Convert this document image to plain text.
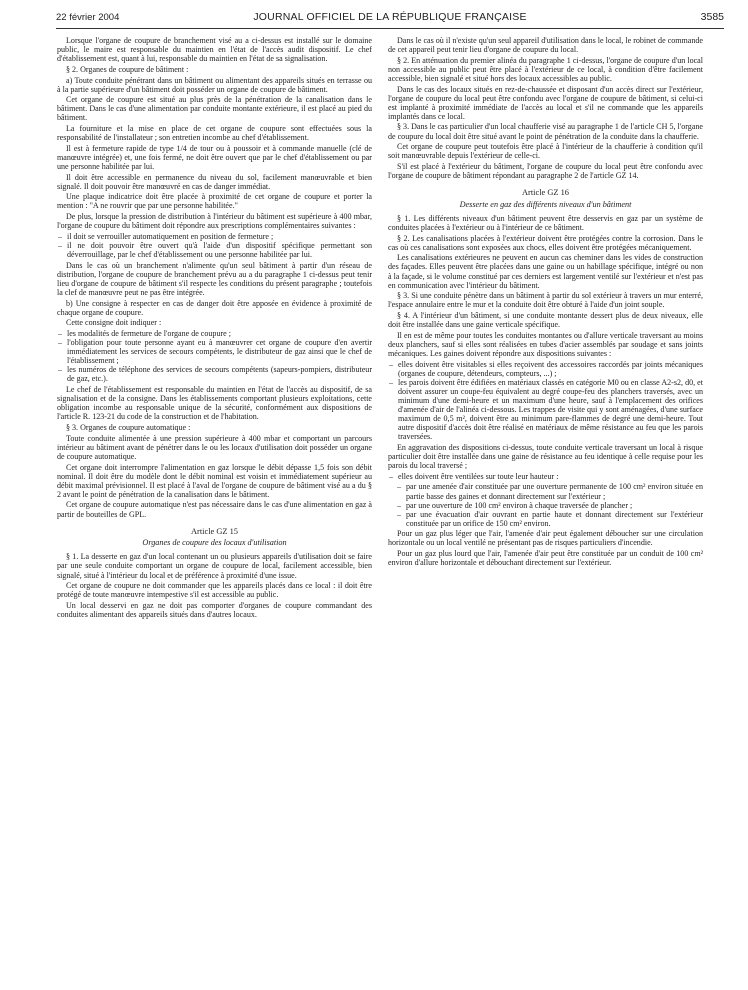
22 février 2004	JOURNAL OFFICIEL DE LA RÉPUBLIQUE FRANÇAISE	3585

Lorsque l'organe de coupure de branchement visé au a ci-dessus est installé sur le domaine public, le maire est responsable du maintien en l'état de l'accès audit dispositif. Le chef d'établissement est, quant à lui, responsable du maintien en l'état de sa signalisation.

§ 2. Organes de coupure de bâtiment :

a) Toute conduite pénétrant dans un bâtiment ou alimentant des appareils situés en terrasse ou à la partie supérieure d'un bâtiment doit posséder un organe de coupure de bâtiment.

Cet organe de coupure est situé au plus près de la pénétration de la canalisation dans le bâtiment. Dans le cas d'une alimentation par conduite montante extérieure, il est placé au pied du bâtiment.

La fourniture et la mise en place de cet organe de coupure sont effectuées sous la responsabilité de l'installateur ; son entretien incombe au chef d'établissement.

Il est à fermeture rapide de type 1/4 de tour ou à poussoir et à commande manuelle (clé de manœuvre intégrée) et, une fois fermé, ne doit être ouvert que par le chef d'établissement ou par une personne habilitée par lui.

Il doit être accessible en permanence du niveau du sol, facilement manœuvrable et bien signalé. Il doit pouvoir être manœuvré en cas de danger immédiat.

Une plaque indicatrice doit être placée à proximité de cet organe de coupure et porter la mention : "A ne rouvrir que par une personne habilitée."

De plus, lorsque la pression de distribution à l'intérieur du bâtiment est supérieure à 400 mbar, l'organe de coupure du bâtiment doit répondre aux prescriptions complémentaires suivantes :

– il doit se verrouiller automatiquement en position de fermeture ;
– il ne doit pouvoir être ouvert qu'à l'aide d'un dispositif spécifique permettant son déverrouillage, par le chef d'établissement ou une personne habilitée par lui.

Dans le cas où un branchement n'alimente qu'un seul bâtiment à partir d'un réseau de distribution, l'organe de coupure de branchement prévu au a du paragraphe 1 ci-dessus peut tenir lieu d'organe de coupure de bâtiment s'il respecte les conditions du présent paragraphe ; toutefois la clef de manœuvre peut ne pas être intégrée.

b) Une consigne à respecter en cas de danger doit être apposée en évidence à proximité de chaque organe de coupure.

Cette consigne doit indiquer :

– les modalités de fermeture de l'organe de coupure ;
– l'obligation pour toute personne ayant eu à manœuvrer cet organe de coupure d'en avertir immédiatement les services de secours compétents, le distributeur de gaz ainsi que le chef de l'établissement ;
– les numéros de téléphone des services de secours compétents (sapeurs-pompiers, distributeur de gaz, etc.).

Le chef de l'établissement est responsable du maintien en l'état de l'accès au dispositif, de sa signalisation et de la consigne. Dans les établissements comportant plusieurs exploitations, cette obligation incombe au responsable unique de la sécurité, conformément aux dispositions de l'article R. 123-21 du code de la construction et de l'habitation.

§ 3. Organes de coupure automatique :

Toute conduite alimentée à une pression supérieure à 400 mbar et comportant un parcours intérieur au bâtiment avant de pénétrer dans le ou les locaux d'utilisation doit posséder un organe de coupure automatique.

Cet organe doit interrompre l'alimentation en gaz lorsque le débit dépasse 1,5 fois son débit nominal. Il doit être du modèle dont le débit nominal est voisin et immédiatement supérieur au débit maximal prévisionnel. Il est placé à l'aval de l'organe de coupure de bâtiment visé au a du § 2 avant le point de pénétration de la canalisation dans le bâtiment.

Cet organe de coupure automatique n'est pas nécessaire dans le cas d'une alimentation en gaz à partir de bouteilles de GPL.

Article GZ 15
Organes de coupure des locaux d'utilisation

§ 1. La desserte en gaz d'un local contenant un ou plusieurs appareils d'utilisation doit se faire par une seule conduite comportant un organe de coupure de local, facilement accessible, bien signalé, situé à l'intérieur du local et de préférence à proximité d'une issue.

Cet organe de coupure ne doit commander que les appareils placés dans ce local : il doit être protégé de toute manœuvre intempestive s'il est accessible au public.

Un local desservi en gaz ne doit pas comporter d'organes de coupure commandant des conduites alimentant des appareils situés dans d'autres locaux.

Dans le cas où il n'existe qu'un seul appareil d'utilisation dans le local, le robinet de commande de cet appareil peut tenir lieu d'organe de coupure du local.

§ 2. En atténuation du premier alinéa du paragraphe 1 ci-dessus, l'organe de coupure d'un local non accessible au public peut être placé à l'extérieur de ce local, à condition d'être facilement accessible, bien signalé et situé hors des locaux accessibles au public.

Dans le cas des locaux situés en rez-de-chaussée et disposant d'un accès direct sur l'extérieur, l'organe de coupure du local peut être confondu avec l'organe de coupure de bâtiment, si celui-ci est implanté à proximité immédiate de l'accès au local et s'il ne commande que les appareils implantés dans ce local.

§ 3. Dans le cas particulier d'un local chaufferie visé au paragraphe 1 de l'article CH 5, l'organe de coupure du local doit être situé avant le point de pénétration de la conduite dans la chaufferie.

Cet organe de coupure peut toutefois être placé à l'intérieur de la chaufferie à condition qu'il soit manœuvrable depuis l'extérieur de celle-ci.

S'il est placé à l'extérieur du bâtiment, l'organe de coupure du local peut être confondu avec l'organe de coupure de bâtiment répondant au paragraphe 2 de l'article GZ 14.

Article GZ 16
Desserte en gaz des différents niveaux d'un bâtiment

§ 1. Les différents niveaux d'un bâtiment peuvent être desservis en gaz par un système de conduites placées à l'extérieur ou à l'intérieur de ce bâtiment.

§ 2. Les canalisations placées à l'extérieur doivent être protégées contre la corrosion. Dans le cas où ces canalisations sont exposées aux chocs, elles doivent être protégées mécaniquement.

Les canalisations extérieures ne peuvent en aucun cas cheminer dans les vides de construction des façades. Elles peuvent être placées dans une gaine ou un habillage spécifique, intégré ou non à la façade, si le volume constitué par ces derniers est largement ventilé sur l'extérieur et n'est pas en communication avec l'intérieur du bâtiment.

§ 3. Si une conduite pénètre dans un bâtiment à partir du sol extérieur à travers un mur enterré, l'espace annulaire entre le mur et la conduite doit être obturé à l'aide d'un joint souple.

§ 4. A l'intérieur d'un bâtiment, si une conduite montante dessert plus de deux niveaux, elle doit être installée dans une gaine verticale spécifique.

Il en est de même pour toutes les conduites montantes ou d'allure verticale traversant au moins deux planchers, sauf si elles sont réalisées en tubes d'acier assemblés par soudage et sans joints mécaniques. Les gaines doivent répondre aux dispositions suivantes :

– elles doivent être visitables si elles reçoivent des accessoires raccordés par joints mécaniques (organes de coupure, détendeurs, compteurs, ...) ;
– les parois doivent être édifiées en matériaux classés en catégorie M0 ou en classe A2-s2, d0, et doivent assurer un coupe-feu équivalent au degré coupe-feu des planchers traversés, avec un minimum d'une demi-heure et un maximum d'une heure, sauf à l'emplacement des orifices d'amenée d'air de l'alinéa ci-dessous. Les trappes de visite qui y sont aménagées, d'une surface maximum de 0,5 m², doivent être au minimum pare-flammes de degré une demi-heure. Tout autre dispositif d'accès doit être réalisé en matériaux de même résistance au feu que les parois traversées.

En aggravation des dispositions ci-dessus, toute conduite verticale traversant un local à risque particulier doit être installée dans une gaine de résistance au feu identique à celle requise pour les parois du local traversé ;

– elles doivent être ventilées sur toute leur hauteur :
– par une amenée d'air constituée par une ouverture permanente de 100 cm² environ située en partie basse des gaines et donnant directement sur l'extérieur ;
– par une ouverture de 100 cm² environ à chaque traversée de plancher ;
– par une évacuation d'air ouvrant en partie haute et donnant directement sur l'extérieur constituée par un orifice de 150 cm² environ.

Pour un gaz plus léger que l'air, l'amenée d'air peut également déboucher sur une circulation horizontale ou un local ventilé ne présentant pas de risques particuliers d'incendie.

Pour un gaz plus lourd que l'air, l'amenée d'air peut être constituée par un conduit de 100 cm² environ d'allure horizontale et débouchant directement sur l'extérieur.
